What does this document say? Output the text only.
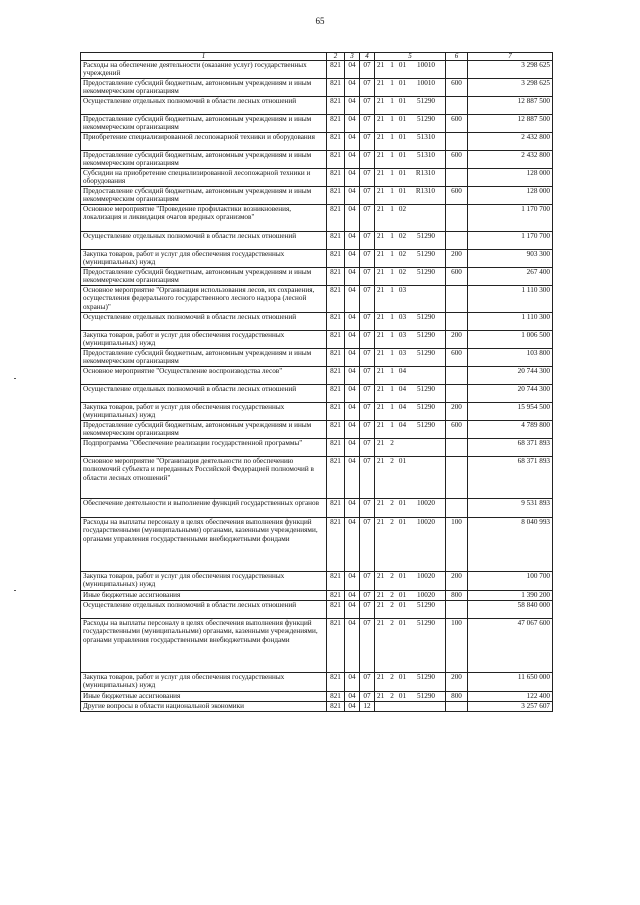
65
1	2	3	4	5	6	7
Расходы на обеспечение деятельности (оказание услуг) государственных учреждений	821	04	07	21 1 01 10010		3 298 625
Предоставление субсидий бюджетным, автономным учреждениям и иным некоммерческим организациям	821	04	07	21 1 01 10010	600	3 298 625
Осуществление отдельных полномочий в области лесных отношений	821	04	07	21 1 01 51290		12 887 500
Предоставление субсидий бюджетным, автономным учреждениям и иным некоммерческим организациям	821	04	07	21 1 01 51290	600	12 887 500
Приобретение специализированной лесопожарной техники и оборудования	821	04	07	21 1 01 51310		2 432 800
Предоставление субсидий бюджетным, автономным учреждениям и иным некоммерческим организациям	821	04	07	21 1 01 51310	600	2 432 800
Субсидии на приобретение специализированной лесопожарной техники и оборудования	821	04	07	21 1 01 R1310		128 000
Предоставление субсидий бюджетным, автономным учреждениям и иным некоммерческим организациям	821	04	07	21 1 01 R1310	600	128 000
Основное мероприятие "Проведение профилактики возникновения, локализация и ликвидация очагов вредных организмов"	821	04	07	21 1 02		1 170 700
Осуществление отдельных полномочий в области лесных отношений	821	04	07	21 1 02 51290		1 170 700
Закупка товаров, работ и услуг для обеспечения государственных (муниципальных) нужд	821	04	07	21 1 02 51290	200	903 300
Предоставление субсидий бюджетным, автономным учреждениям и иным некоммерческим организациям	821	04	07	21 1 02 51290	600	267 400
Основное мероприятие "Организация использования лесов, их сохранения, осуществления федерального государственного лесного надзора (лесной охраны)"	821	04	07	21 1 03		1 110 300
Осуществление отдельных полномочий в области лесных отношений	821	04	07	21 1 03 51290		1 110 300
Закупка товаров, работ и услуг для обеспечения государственных (муниципальных) нужд	821	04	07	21 1 03 51290	200	1 006 500
Предоставление субсидий бюджетным, автономным учреждениям и иным некоммерческим организациям	821	04	07	21 1 03 51290	600	103 800
Основное мероприятие "Осуществление воспроизводства лесов"	821	04	07	21 1 04		20 744 300
Осуществление отдельных полномочий в области лесных отношений	821	04	07	21 1 04 51290		20 744 300
Закупка товаров, работ и услуг для обеспечения государственных (муниципальных) нужд	821	04	07	21 1 04 51290	200	15 954 500
Предоставление субсидий бюджетным, автономным учреждениям и иным некоммерческим организациям	821	04	07	21 1 04 51290	600	4 789 800
Подпрограмма "Обеспечение реализации государственной программы"	821	04	07	21 2		68 371 893
Основное мероприятие "Организация деятельности по обеспечению полномочий субъекта и переданных Российской Федерацией полномочий в области лесных отношений"	821	04	07	21 2 01		68 371 893
Обеспечение деятельности и выполнение функций государственных органов	821	04	07	21 2 01 10020		9 531 893
Расходы на выплаты персоналу в целях обеспечения выполнения функций государственными (муниципальными) органами, казенными учреждениями, органами управления государственными внебюджетными фондами	821	04	07	21 2 01 10020	100	8 040 993
Закупка товаров, работ и услуг для обеспечения государственных (муниципальных) нужд	821	04	07	21 2 01 10020	200	100 700
Иные бюджетные ассигнования	821	04	07	21 2 01 10020	800	1 390 200
Осуществление отдельных полномочий в области лесных отношений	821	04	07	21 2 01 51290		58 840 000
Расходы на выплаты персоналу в целях обеспечения выполнения функций государственными (муниципальными) органами, казенными учреждениями, органами управления государственными внебюджетными фондами	821	04	07	21 2 01 51290	100	47 067 600
Закупка товаров, работ и услуг для обеспечения государственных (муниципальных) нужд	821	04	07	21 2 01 51290	200	11 650 000
Иные бюджетные ассигнования	821	04	07	21 2 01 51290	800	122 400
Другие вопросы в области национальной экономики	821	04	12			3 257 607
